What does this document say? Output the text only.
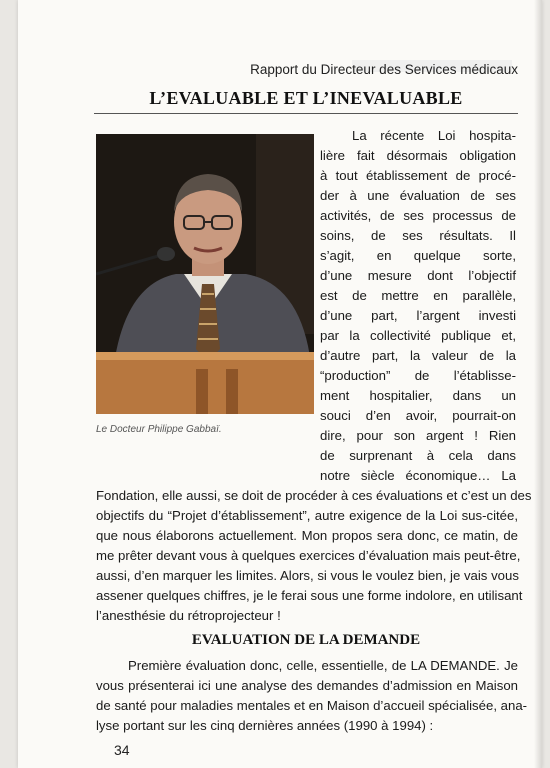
Rapport du Directeur des Services médicaux
L’EVALUABLE ET L’INEVALUABLE
Le Docteur Philippe Gabbaï.
La récente Loi hospita-
lière fait désormais obligation
à tout établissement de procé-
der à une évaluation de ses
activités, de ses processus de
soins, de ses résultats. Il
s’agit, en quelque sorte,
d’une mesure dont l’objectif
est de mettre en parallèle,
d’une part, l’argent investi
par la collectivité publique et,
d’autre part, la valeur de la
“production” de l’établisse-
ment hospitalier, dans un
souci d’en avoir, pourrait-on
dire, pour son argent ! Rien
de surprenant à cela dans
notre siècle économique… La
Fondation, elle aussi, se doit de procéder à ces évaluations et c’est un des
objectifs du “Projet d’établissement”, autre exigence de la Loi sus-citée,
que nous élaborons actuellement. Mon propos sera donc, ce matin, de
me prêter devant vous à quelques exercices d’évaluation mais peut-être,
aussi, d’en marquer les limites. Alors, si vous le voulez bien, je vais vous
assener quelques chiffres, je le ferai sous une forme indolore, en utilisant
l’anesthésie du rétroprojecteur !
EVALUATION DE LA DEMANDE
Première évaluation donc, celle, essentielle, de LA DEMANDE. Je
vous présenterai ici une analyse des demandes d’admission en Maison
de santé pour maladies mentales et en Maison d’accueil spécialisée, ana-
lyse portant sur les cinq dernières années (1990 à 1994) :
34
